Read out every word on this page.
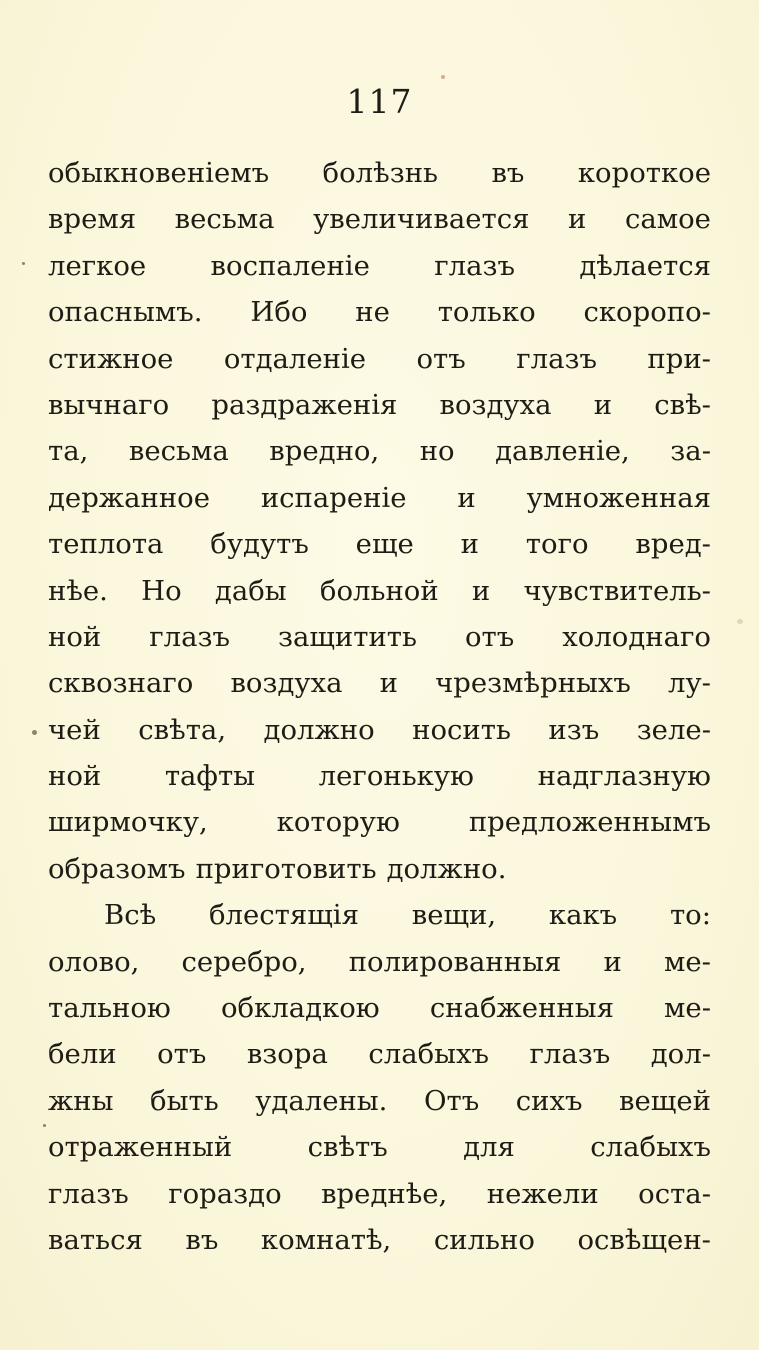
117
обыкновеніемъ болѣзнь въ короткое
время весьма увеличивается и самое
легкое воспаленіе глазъ дѣлается
опаснымъ. Ибо не только скоропо-
стижное отдаленіе отъ глазъ при-
вычнаго раздраженія воздуха и свѣ-
та, весьма вредно, но давленіе, за-
держанное испареніе и умноженная
теплота будутъ еще и того вред-
нѣе. Но дабы больной и чувствитель-
ной глазъ защитить отъ холоднаго
сквознаго воздуха и чрезмѣрныхъ лу-
чей свѣта, должно носить изъ зеле-
ной тафты легонькую надглазную
ширмочку,	которую	предложеннымъ
образомъ приготовить должно.
Всѣ блестящія вещи, какъ то:
олово, серебро, полированныя и ме-
тальною обкладкою снабженныя ме-
бели отъ взора слабыхъ глазъ дол-
жны быть удалены. Отъ сихъ вещей
отраженный	свѣтъ	для	слабыхъ
глазъ гораздо вреднѣе, нежели оста-
ваться въ комнатѣ, сильно освѣщен-
